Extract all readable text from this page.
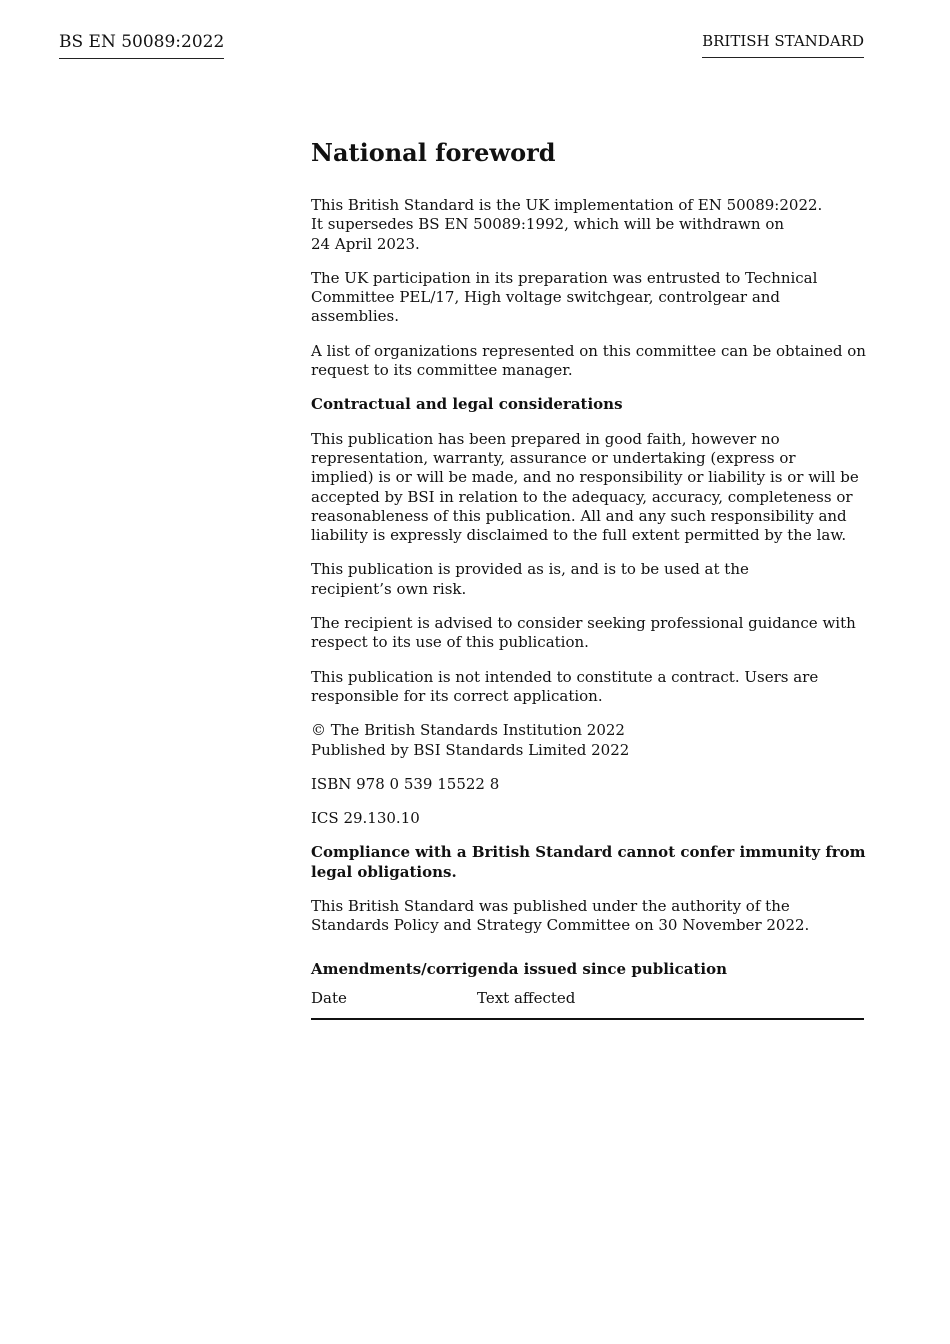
BS EN 50089:2022	BRITISH STANDARD
National foreword

This British Standard is the UK implementation of EN 50089:2022.
It supersedes BS EN 50089:1992, which will be withdrawn on
24 April 2023.

The UK participation in its preparation was entrusted to Technical
Committee PEL/17, High voltage switchgear, controlgear and assemblies.

A list of organizations represented on this committee can be obtained on
request to its committee manager.

Contractual and legal considerations

This publication has been prepared in good faith, however no
representation, warranty, assurance or undertaking (express or
implied) is or will be made, and no responsibility or liability is or will be
accepted by BSI in relation to the adequacy, accuracy, completeness or
reasonableness of this publication. All and any such responsibility and
liability is expressly disclaimed to the full extent permitted by the law.

This publication is provided as is, and is to be used at the
recipient’s own risk.

The recipient is advised to consider seeking professional guidance with
respect to its use of this publication.

This publication is not intended to constitute a contract. Users are
responsible for its correct application.

© The British Standards Institution 2022
Published by BSI Standards Limited 2022

ISBN 978 0 539 15522 8

ICS 29.130.10

Compliance with a British Standard cannot confer immunity from
legal obligations.

This British Standard was published under the authority of the
Standards Policy and Strategy Committee on 30 November 2022.

Amendments/corrigenda issued since publication
Date	Text affected
